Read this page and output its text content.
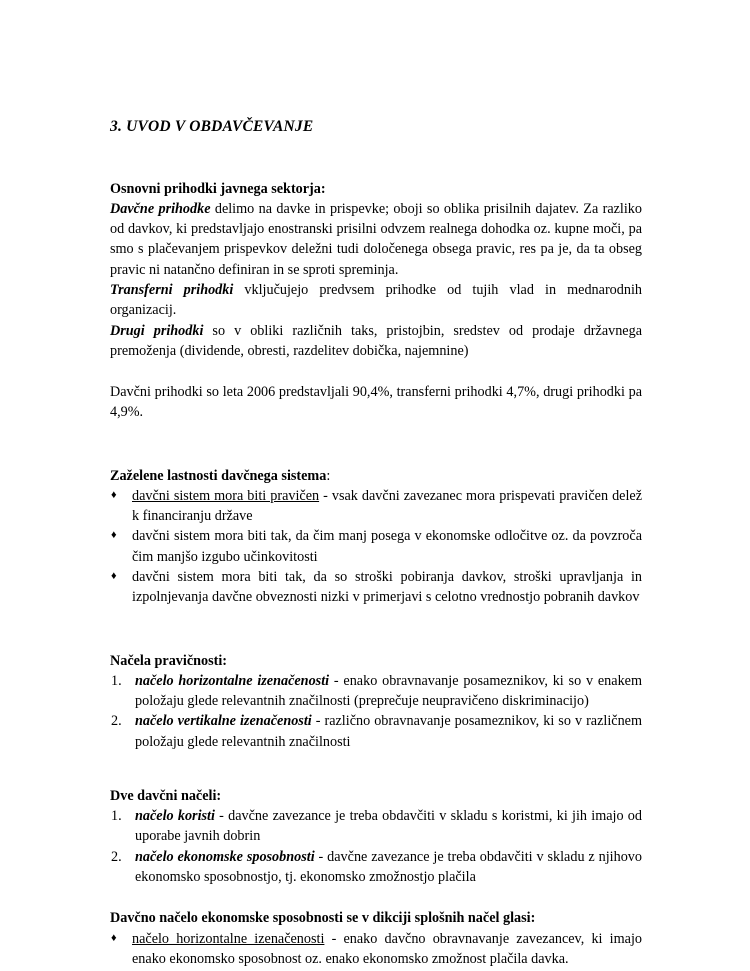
3. UVOD V OBDAVČEVANJE
Osnovni prihodki javnega sektorja:

Davčne prihodke delimo na davke in prispevke; oboji so oblika prisilnih dajatev. Za razliko od davkov, ki predstavljajo enostranski prisilni odvzem realnega dohodka oz. kupne moči, pa smo s plačevanjem prispevkov deležni tudi določenega obsega pravic, res pa je, da ta obseg pravic ni natančno definiran in se sproti spreminja.

Transferni prihodki vključujejo predvsem prihodke od tujih vlad in mednarodnih organizacij.

Drugi prihodki so v obliki različnih taks, pristojbin, sredstev od prodaje državnega premoženja (dividende, obresti, razdelitev dobička, najemnine)

Davčni prihodki so leta 2006 predstavljali 90,4%, transferni prihodki 4,7%, drugi prihodki pa 4,9%.

Zaželene lastnosti davčnega sistema:
♦ davčni sistem mora biti pravičen - vsak davčni zavezanec mora prispevati pravičen delež k financiranju države
♦ davčni sistem mora biti tak, da čim manj posega v ekonomske odločitve oz. da povzroča čim manjšo izgubo učinkovitosti
♦ davčni sistem mora biti tak, da so stroški pobiranja davkov, stroški upravljanja in izpolnjevanja davčne obveznosti nizki v primerjavi s celotno vrednostjo pobranih davkov
Načela pravičnosti:
1. načelo horizontalne izenačenosti - enako obravnavanje posameznikov, ki so v enakem položaju glede relevantnih značilnosti (preprečuje neupravičeno diskriminacijo)
2. načelo vertikalne izenačenosti - različno obravnavanje posameznikov, ki so v različnem položaju glede relevantnih značilnosti
Dve davčni načeli:
1. načelo koristi - davčne zavezance je treba obdavčiti v skladu s koristmi, ki jih imajo od uporabe javnih dobrin
2. načelo ekonomske sposobnosti - davčne zavezance je treba obdavčiti v skladu z njihovo ekonomsko sposobnostjo, tj. ekonomsko zmožnostjo plačila
Davčno načelo ekonomske sposobnosti se v dikciji splošnih načel glasi:
♦ načelo horizontalne izenačenosti - enako davčno obravnavanje zavezancev, ki imajo enako ekonomsko sposobnost oz. enako ekonomsko zmožnost plačila davka.
